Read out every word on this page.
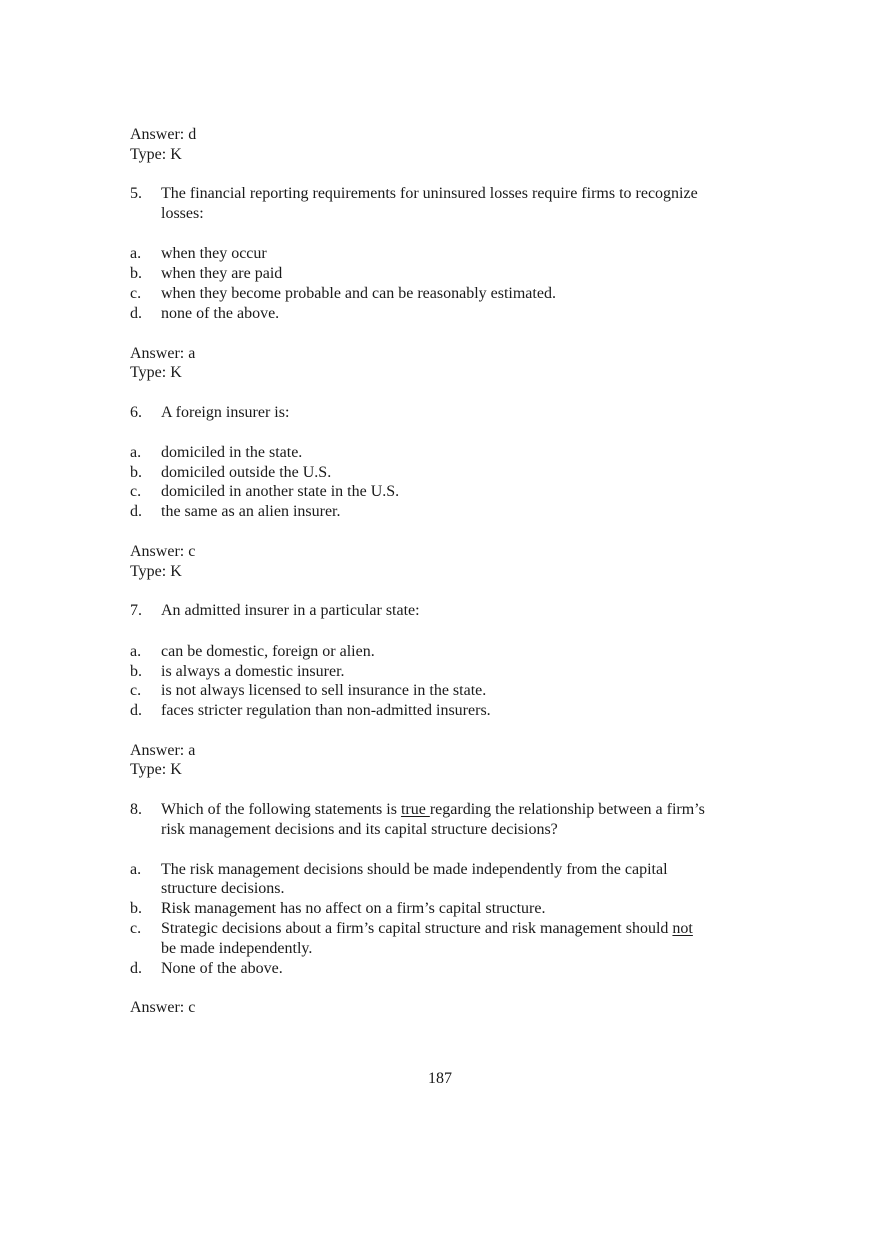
Answer: d
Type: K
5. The financial reporting requirements for uninsured losses require firms to recognize
losses:
a. when they occur
b. when they are paid
c. when they become probable and can be reasonably estimated.
d. none of the above.
Answer: a
Type: K
6. A foreign insurer is:
a. domiciled in the state.
b. domiciled outside the U.S.
c. domiciled in another state in the U.S.
d. the same as an alien insurer.
Answer: c
Type: K
7. An admitted insurer in a particular state:
a. can be domestic, foreign or alien.
b. is always a domestic insurer.
c. is not always licensed to sell insurance in the state.
d. faces stricter regulation than non-admitted insurers.
Answer: a
Type: K
8. Which of the following statements is true regarding the relationship between a firm’s
risk management decisions and its capital structure decisions?
a. The risk management decisions should be made independently from the capital
structure decisions.
b. Risk management has no affect on a firm’s capital structure.
c. Strategic decisions about a firm’s capital structure and risk management should not
be made independently.
d. None of the above.
Answer: c
187
